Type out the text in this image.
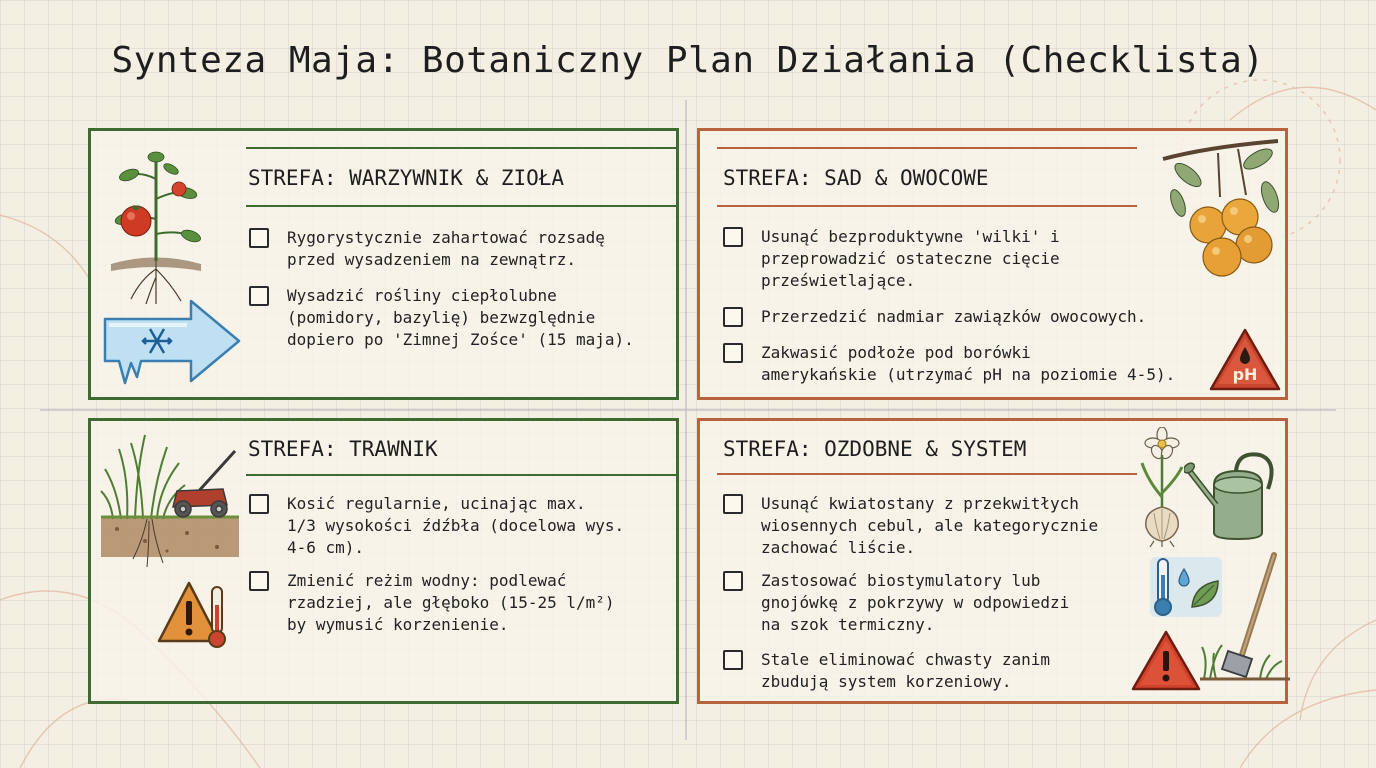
Synteza Maja: Botaniczny Plan Działania (Checklista)
STREFA: WARZYWNIK & ZIOŁA
Rygorystycznie zahartować rozsadę
przed wysadzeniem na zewnątrz.
Wysadzić rośliny ciepłolubne
(pomidory, bazylię) bezwzględnie
dopiero po 'Zimnej Zośce' (15 maja).
STREFA: SAD & OWOCOWE
Usunąć bezproduktywne 'wilki' i
przeprowadzić ostateczne cięcie
prześwietlające.
Przerzedzić nadmiar zawiązków owocowych.
Zakwasić podłoże pod borówki
amerykańskie (utrzymać pH na poziomie 4-5).	pH
STREFA: TRAWNIK
Kosić regularnie, ucinając max.
1/3 wysokości źdźbła (docelowa wys.
4-6 cm).
Zmienić reżim wodny: podlewać
rzadziej, ale głęboko (15-25 l/m²)
by wymusić korzenienie.
STREFA: OZDOBNE & SYSTEM
Usunąć kwiatostany z przekwitłych
wiosennych cebul, ale kategorycznie
zachować liście.
Zastosować biostymulatory lub
gnojówkę z pokrzywy w odpowiedzi
na szok termiczny.
Stale eliminować chwasty zanim
zbudują system korzeniowy.
